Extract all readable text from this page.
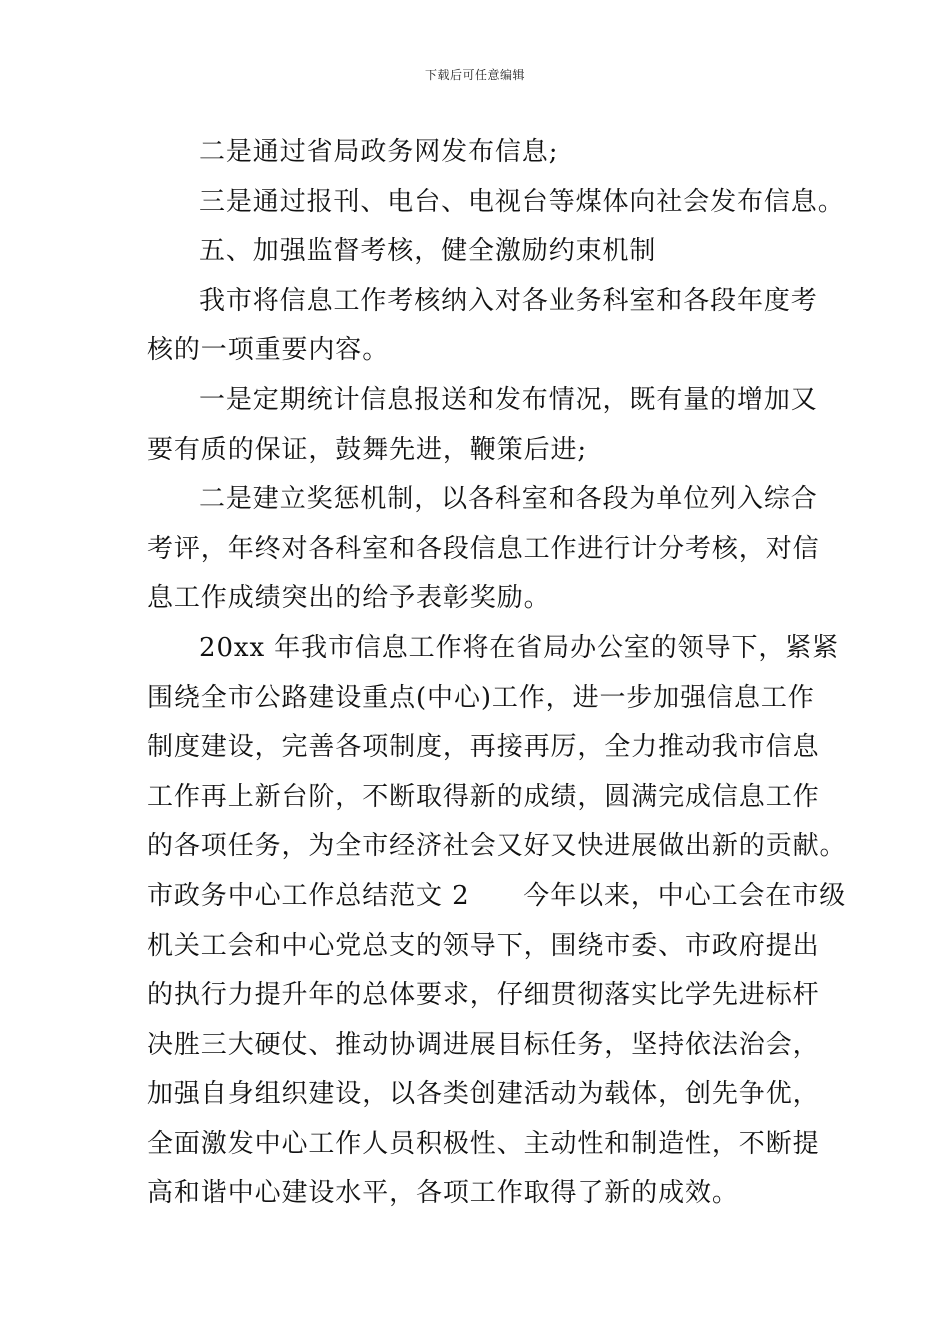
下载后可任意编辑
二是通过省局政务网发布信息;
三是通过报刊、电台、电视台等煤体向社会发布信息。
五、加强监督考核，健全激励约束机制
我市将信息工作考核纳入对各业务科室和各段年度考
核的一项重要内容。
一是定期统计信息报送和发布情况，既有量的增加又
要有质的保证，鼓舞先进，鞭策后进;
二是建立奖惩机制，以各科室和各段为单位列入综合
考评，年终对各科室和各段信息工作进行计分考核，对信
息工作成绩突出的给予表彰奖励。
20xx 年我市信息工作将在省局办公室的领导下，紧紧
围绕全市公路建设重点(中心)工作，进一步加强信息工作
制度建设，完善各项制度，再接再厉，全力推动我市信息
工作再上新台阶，不断取得新的成绩，圆满完成信息工作
的各项任务，为全市经济社会又好又快进展做出新的贡献。
市政务中心工作总结范文 2　　今年以来，中心工会在市级
机关工会和中心党总支的领导下，围绕市委、市政府提出
的执行力提升年的总体要求，仔细贯彻落实比学先进标杆
决胜三大硬仗、推动协调进展目标任务，坚持依法治会，
加强自身组织建设，以各类创建活动为载体，创先争优，
全面激发中心工作人员积极性、主动性和制造性，不断提
高和谐中心建设水平，各项工作取得了新的成效。
